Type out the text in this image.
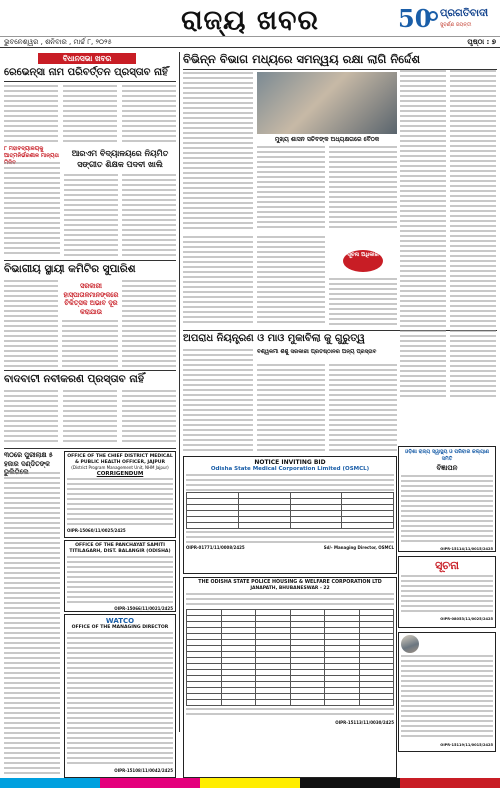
ରାଜ୍ୟ ଖବର	50 ପ୍ରଗତିବାଦୀ
ସୁବର୍ଣ୍ଣ ଜୟନ୍ତୀ
ଭୁବନେଶ୍ୱର , ଶନିବାର , ମାର୍ଚ୍ଚ ୮, ୨୦୨୫	ପୃଷ୍ଠା : ୭
ବିଧାନସଭା ଖବର
ରେଭେନ୍ସା ନାମ ପରିବର୍ତ୍ତନ ପ୍ରସ୍ତାବ ନାହିଁ
୮ ମହାବିଦ୍ୟାଳୟକୁ ଆତ୍ମନିର୍ଭରଶୀଳ ମାନ୍ୟତା	ଆରଏମ ବିଦ୍ୟାଳୟରେ ନିୟମିତ ସଙ୍ଗୀତ ଶିକ୍ଷକ ପଦବୀ ଖାଲି
ବିଭାଗୀୟ ସ୍ଥାୟୀ କମିଟିର ସୁପାରିଶ
ସରକାରୀ ହାସ୍ପାତାଳମାନଙ୍କରେ ଚିକିତ୍ସକ ଅଭାବ ଦୂର କରାଯାଉ
ବାଦବାଟୀ ନବୀକରଣ ପ୍ରସ୍ତାବ ନାହିଁ
୩୦ରେ ପୁରୀଲାକ୍ଷ ୫ ହଜାର ଦଣ୍ଡିତଙ୍କ
OFFICE OF THE CHIEF DISTRICT MEDICAL & PUBLIC HEALTH OFFICER, JAJPUR
(District Program Management Unit, NHM Jajpur)
CORRIGENDUM
OIPR-15060/11/0025/2425
OFFICE OF THE PANCHAYAT SAMITI TITILAGARH, DIST. BALANGIR (ODISHA)
OIPR-15066/11/0021/2425
WATCO
OFFICE OF THE MANAGING DIRECTOR
OIPR-15108/11/0042/2425
ବିଭିନ୍ନ ବିଭାଗ ମଧ୍ୟରେ ସମନ୍ୱୟ ରକ୍ଷା ଲାଗି ନିର୍ଦ୍ଦେଶ
ମୁଖ୍ୟ ଶାସନ ସଚିବଙ୍କ ଅଧ୍ୟକ୍ଷତାରେ ବୈଠକ
ସୂଚନା ଅଧିକାର
ଅପରାଧ ନିୟନ୍ତ୍ରଣ ଓ ମାଓ ମୁକାବିଲା କୁ ଗୁରୁତ୍ୱ
ବିଶ୍ୱକର୍ମା ଶିଶୁ ସରକାରୀ ପ୍ରତିଷ୍ଠାନର ଅନ୍ୟ ପ୍ରସ୍ତାବ
NOTICE INVITING BID
Odisha State Medical Corporation Limited (OSMCL)

OIPR-01771/11/0008/2425	Sd/- Managing Director, OSMCL
THE ODISHA STATE POLICE HOUSING & WELFARE CORPORATION LTD
JANAPATH, BHUBANESWAR - 22

OIPR-15113/11/0030/2425
ଓଡ଼ିଶା ରାଜ୍ୟ ସ୍ୱାସ୍ଥ୍ୟ ଓ ପରିବାର କଲ୍ୟାଣ ସମିତି
ବିଜ୍ଞାପନ
OIPR-15114/11/0015/2425
ସୂଚନା
OIPR-08053/11/0025/2425
OIPR-15119/11/0015/2425
